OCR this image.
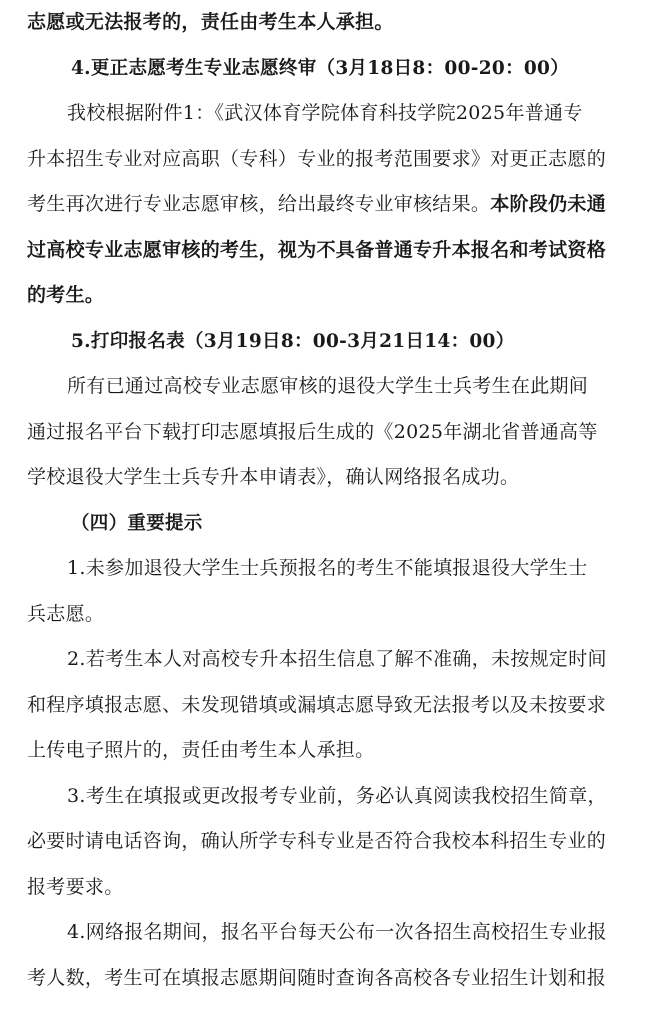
志愿或无法报考的，责任由考生本人承担。
4.更正志愿考生专业志愿终审（3月18日8：00-20：00）
我校根据附件1：《武汉体育学院体育科技学院2025年普通专
升本招生专业对应高职（专科）专业的报考范围要求》对更正志愿的
考生再次进行专业志愿审核，给出最终专业审核结果。本阶段仍未通
过高校专业志愿审核的考生，视为不具备普通专升本报名和考试资格
的考生。
5.打印报名表（3月19日8：00-3月21日14：00）
所有已通过高校专业志愿审核的退役大学生士兵考生在此期间
通过报名平台下载打印志愿填报后生成的《2025年湖北省普通高等
学校退役大学生士兵专升本申请表》，确认网络报名成功。
（四）重要提示
1.未参加退役大学生士兵预报名的考生不能填报退役大学生士
兵志愿。
2.若考生本人对高校专升本招生信息了解不准确，未按规定时间
和程序填报志愿、未发现错填或漏填志愿导致无法报考以及未按要求
上传电子照片的，责任由考生本人承担。
3.考生在填报或更改报考专业前，务必认真阅读我校招生简章，
必要时请电话咨询，确认所学专科专业是否符合我校本科招生专业的
报考要求。
4.网络报名期间，报名平台每天公布一次各招生高校招生专业报
考人数，考生可在填报志愿期间随时查询各高校各专业招生计划和报
